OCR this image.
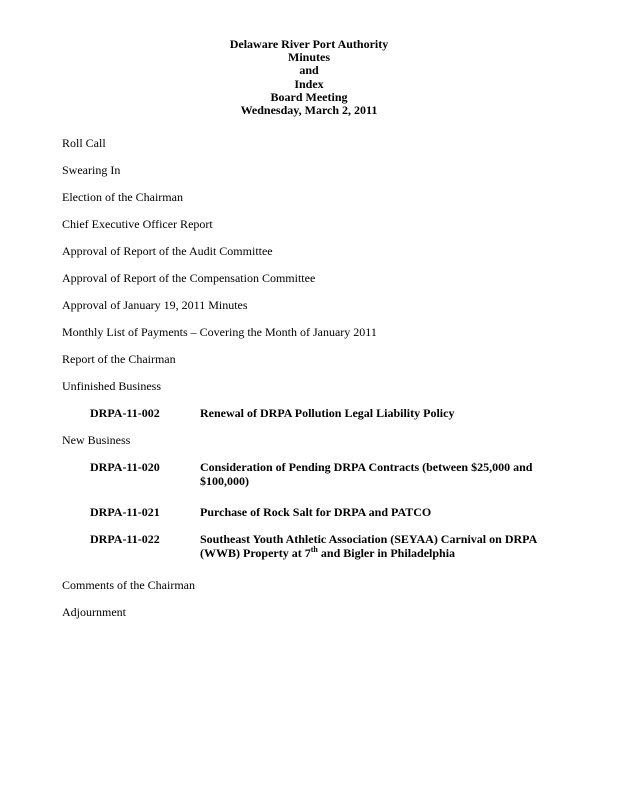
Delaware River Port Authority
Minutes
and
Index
Board Meeting
Wednesday, March 2, 2011
Roll Call
Swearing In
Election of the Chairman
Chief Executive Officer Report
Approval of Report of the Audit Committee
Approval of Report of the Compensation Committee
Approval of January 19, 2011 Minutes
Monthly List of Payments – Covering the Month of January 2011
Report of the Chairman
Unfinished Business
DRPA-11-002	Renewal of DRPA Pollution Legal Liability Policy
New Business
DRPA-11-020	Consideration of Pending DRPA Contracts (between $25,000 and $100,000)
DRPA-11-021	Purchase of Rock Salt for DRPA and PATCO
DRPA-11-022	Southeast Youth Athletic Association (SEYAA) Carnival on DRPA (WWB) Property at 7th and Bigler in Philadelphia
Comments of the Chairman
Adjournment
